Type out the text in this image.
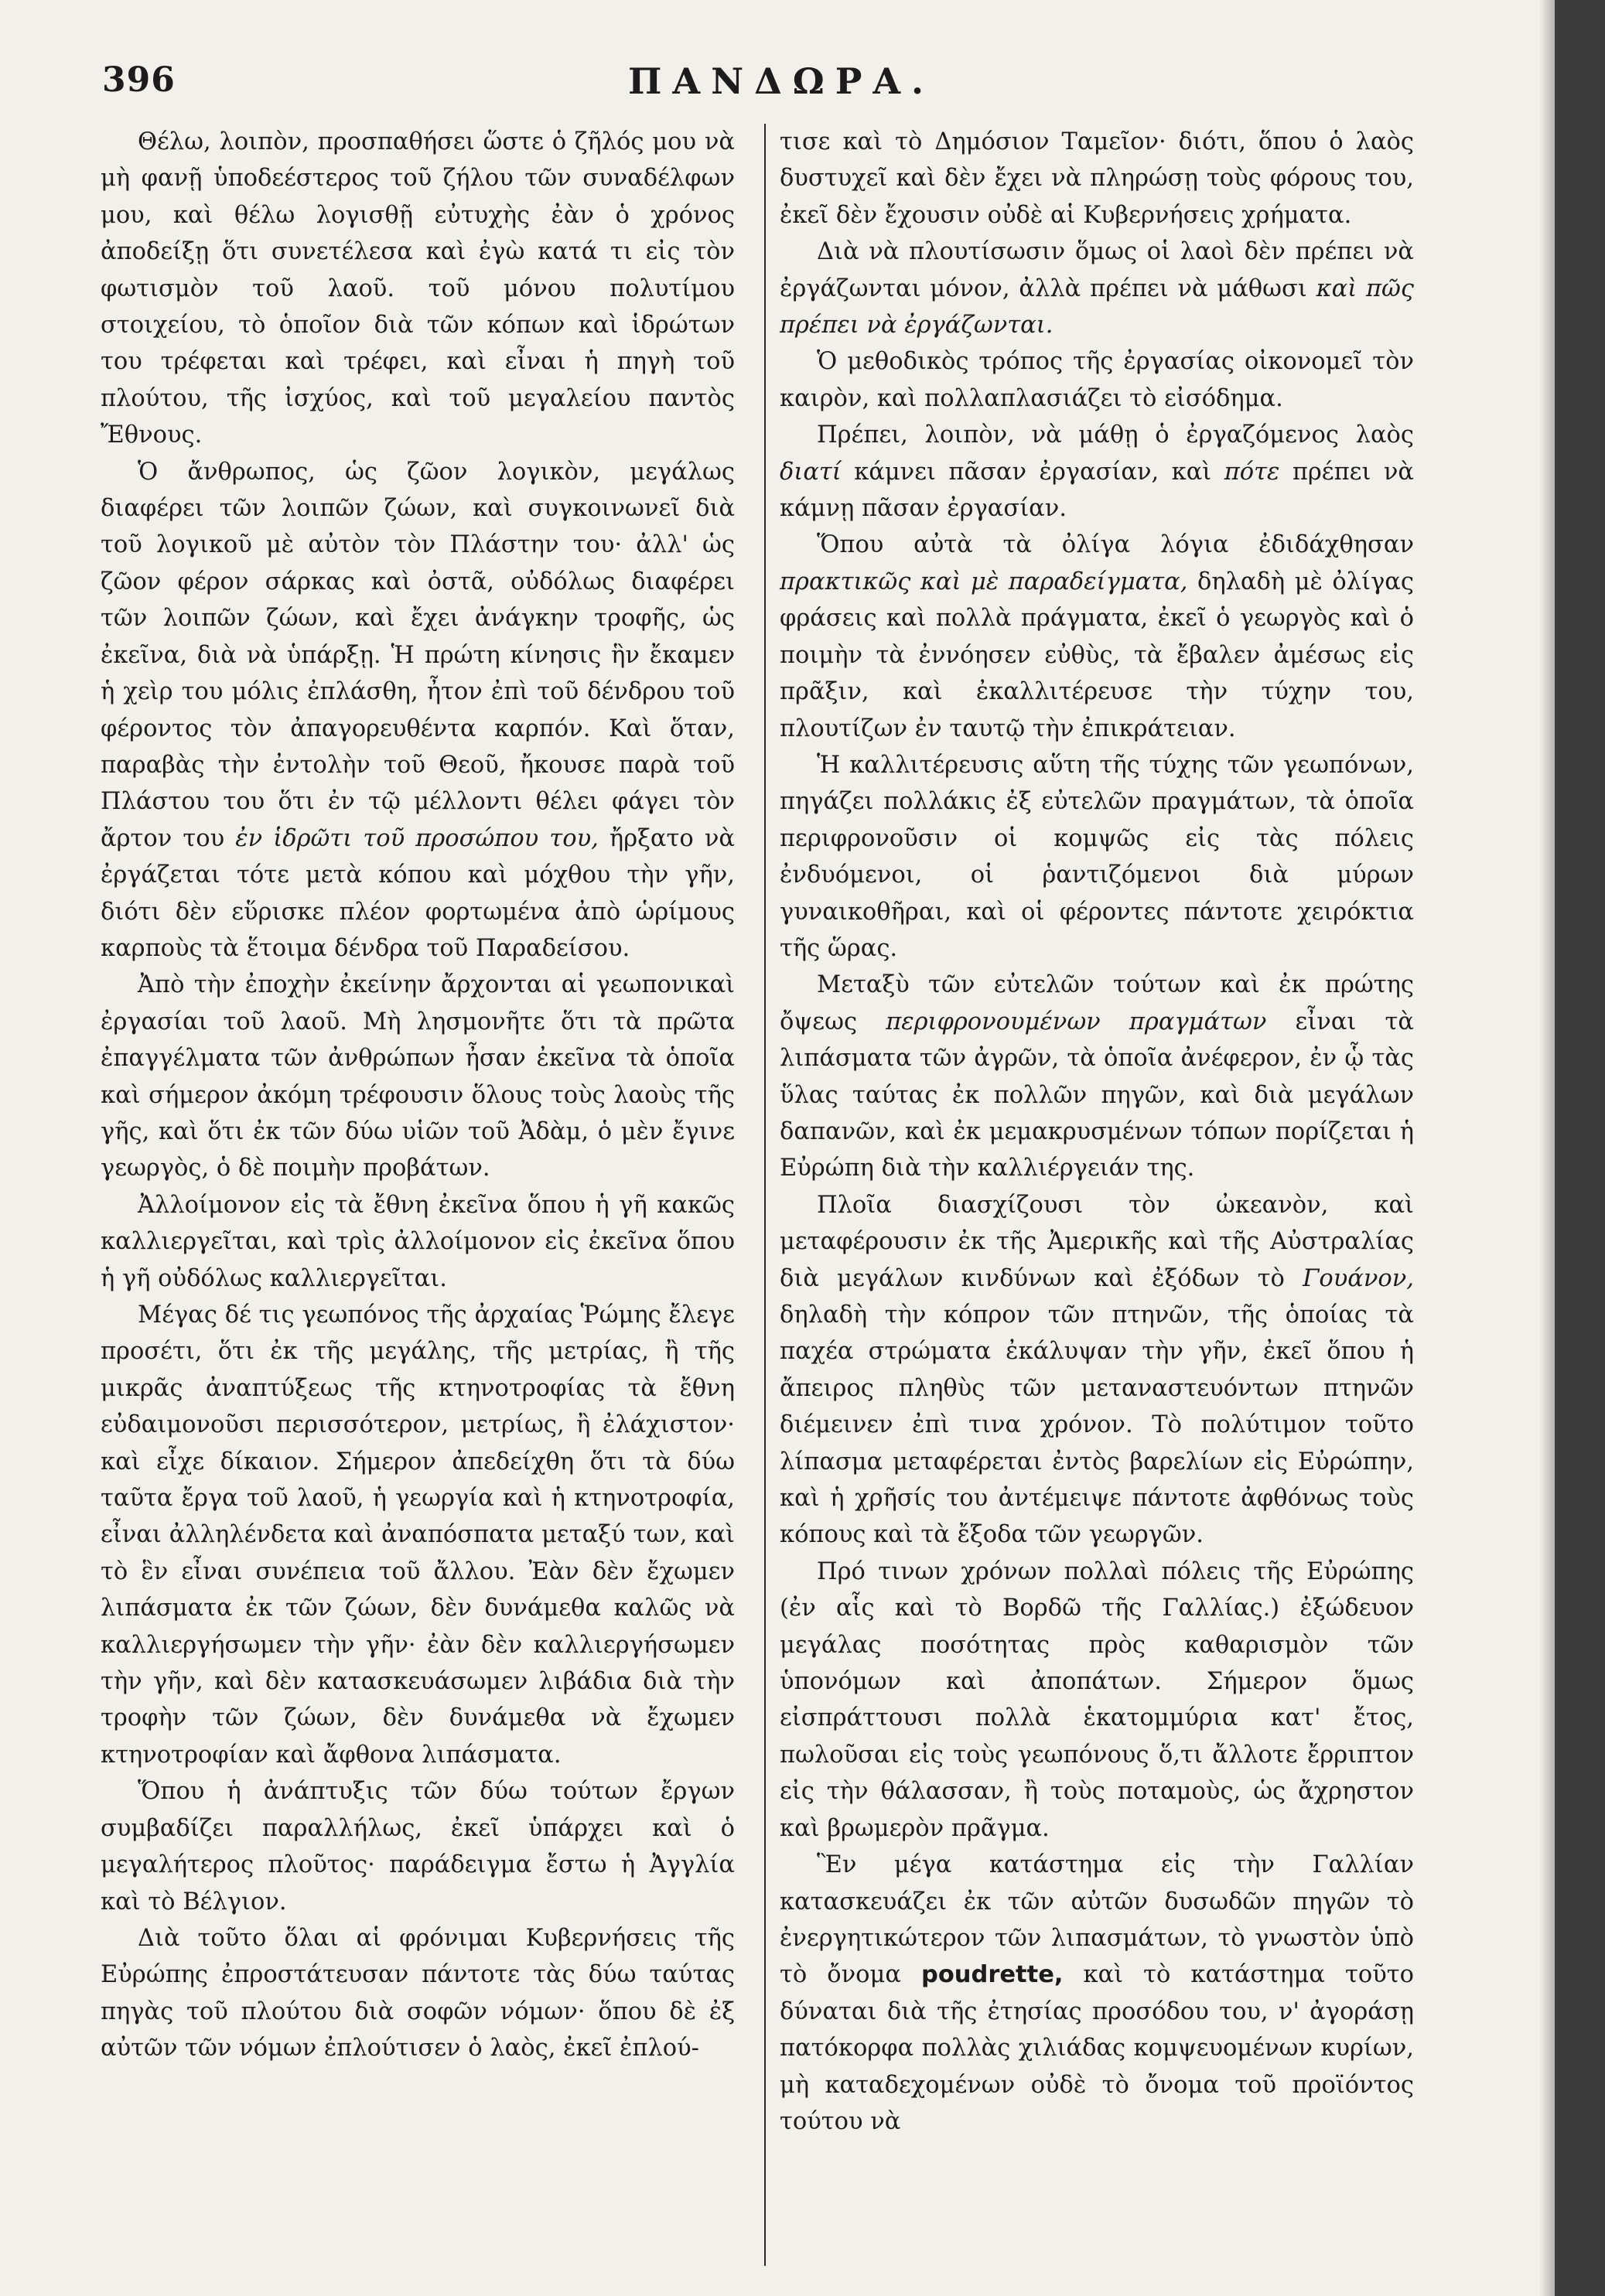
396	ΠΑΝΔΩΡΑ.

Θέλω, λοιπὸν, προσπαθήσει ὥστε ὁ ζῆλός μου νὰ μὴ φανῇ ὑποδεέστερος τοῦ ζήλου τῶν συναδέλφων μου, καὶ θέλω λογισθῇ εὐτυχὴς ἐὰν ὁ χρόνος ἀποδείξῃ ὅτι συνετέλεσα καὶ ἐγὼ κατά τι εἰς τὸν φωτισμὸν τοῦ λαοῦ. τοῦ μόνου πολυτίμου στοιχείου, τὸ ὁποῖον διὰ τῶν κόπων καὶ ἱδρώτων του τρέφεται καὶ τρέφει, καὶ εἶναι ἡ πηγὴ τοῦ πλούτου, τῆς ἰσχύος, καὶ τοῦ μεγαλείου παντὸς Ἔθνους.

Ὁ ἄνθρωπος, ὡς ζῶον λογικὸν, μεγάλως διαφέρει τῶν λοιπῶν ζώων, καὶ συγκοινωνεῖ διὰ τοῦ λογικοῦ μὲ αὐτὸν τὸν Πλάστην του· ἀλλ' ὡς ζῶον φέρον σάρκας καὶ ὀστᾶ, οὐδόλως διαφέρει τῶν λοιπῶν ζώων, καὶ ἔχει ἀνάγκην τροφῆς, ὡς ἐκεῖνα, διὰ νὰ ὑπάρξῃ. Ἡ πρώτη κίνησις ἣν ἔκαμεν ἡ χεὶρ του μόλις ἐπλάσθη, ἦτον ἐπὶ τοῦ δένδρου τοῦ φέροντος τὸν ἀπαγορευθέντα καρπόν. Καὶ ὅταν, παραβὰς τὴν ἐντολὴν τοῦ Θεοῦ, ἤκουσε παρὰ τοῦ Πλάστου του ὅτι ἐν τῷ μέλλοντι θέλει φάγει τὸν ἄρτον του ἐν ἱδρῶτι τοῦ προσώπου του, ἤρξατο νὰ ἐργάζεται τότε μετὰ κόπου καὶ μόχθου τὴν γῆν, διότι δὲν εὕρισκε πλέον φορτωμένα ἀπὸ ὡρίμους καρποὺς τὰ ἕτοιμα δένδρα τοῦ Παραδείσου.

Ἀπὸ τὴν ἐποχὴν ἐκείνην ἄρχονται αἱ γεωπονικαὶ ἐργασίαι τοῦ λαοῦ. Μὴ λησμονῆτε ὅτι τὰ πρῶτα ἐπαγγέλματα τῶν ἀνθρώπων ἦσαν ἐκεῖνα τὰ ὁποῖα καὶ σήμερον ἀκόμη τρέφουσιν ὅλους τοὺς λαοὺς τῆς γῆς, καὶ ὅτι ἐκ τῶν δύω υἱῶν τοῦ Ἀδὰμ, ὁ μὲν ἔγινε γεωργὸς, ὁ δὲ ποιμὴν προβάτων.

Ἀλλοίμονον εἰς τὰ ἔθνη ἐκεῖνα ὅπου ἡ γῆ κακῶς καλλιεργεῖται, καὶ τρὶς ἀλλοίμονον εἰς ἐκεῖνα ὅπου ἡ γῆ οὐδόλως καλλιεργεῖται.

Μέγας δέ τις γεωπόνος τῆς ἀρχαίας Ῥώμης ἔλεγε προσέτι, ὅτι ἐκ τῆς μεγάλης, τῆς μετρίας, ἢ τῆς μικρᾶς ἀναπτύξεως τῆς κτηνοτροφίας τὰ ἔθνη εὐδαιμονοῦσι περισσότερον, μετρίως, ἢ ἐλάχιστον· καὶ εἶχε δίκαιον. Σήμερον ἀπεδείχθη ὅτι τὰ δύω ταῦτα ἔργα τοῦ λαοῦ, ἡ γεωργία καὶ ἡ κτηνοτροφία, εἶναι ἀλληλένδετα καὶ ἀναπόσπατα μεταξύ των, καὶ τὸ ἓν εἶναι συνέπεια τοῦ ἄλλου. Ἐὰν δὲν ἔχωμεν λιπάσματα ἐκ τῶν ζώων, δὲν δυνάμεθα καλῶς νὰ καλλιεργήσωμεν τὴν γῆν· ἐὰν δὲν καλλιεργήσωμεν τὴν γῆν, καὶ δὲν κατασκευάσωμεν λιβάδια διὰ τὴν τροφὴν τῶν ζώων, δὲν δυνάμεθα νὰ ἔχωμεν κτηνοτροφίαν καὶ ἄφθονα λιπάσματα.

Ὅπου ἡ ἀνάπτυξις τῶν δύω τούτων ἔργων συμβαδίζει παραλλήλως, ἐκεῖ ὑπάρχει καὶ ὁ μεγαλήτερος πλοῦτος· παράδειγμα ἔστω ἡ Ἀγγλία καὶ τὸ Βέλγιον.

Διὰ τοῦτο ὅλαι αἱ φρόνιμαι Κυβερνήσεις τῆς Εὐρώπης ἐπροστάτευσαν πάντοτε τὰς δύω ταύτας πηγὰς τοῦ πλούτου διὰ σοφῶν νόμων· ὅπου δὲ ἐξ αὐτῶν τῶν νόμων ἐπλούτισεν ὁ λαὸς, ἐκεῖ ἐπλού-

τισε καὶ τὸ Δημόσιον Ταμεῖον· διότι, ὅπου ὁ λαὸς δυστυχεῖ καὶ δὲν ἔχει νὰ πληρώσῃ τοὺς φόρους του, ἐκεῖ δὲν ἔχουσιν οὐδὲ αἱ Κυβερνήσεις χρήματα.

Διὰ νὰ πλουτίσωσιν ὅμως οἱ λαοὶ δὲν πρέπει νὰ ἐργάζωνται μόνον, ἀλλὰ πρέπει νὰ μάθωσι καὶ πῶς πρέπει νὰ ἐργάζωνται.

Ὁ μεθοδικὸς τρόπος τῆς ἐργασίας οἰκονομεῖ τὸν καιρὸν, καὶ πολλαπλασιάζει τὸ εἰσόδημα.

Πρέπει, λοιπὸν, νὰ μάθῃ ὁ ἐργαζόμενος λαὸς διατί κάμνει πᾶσαν ἐργασίαν, καὶ πότε πρέπει νὰ κάμνῃ πᾶσαν ἐργασίαν.

Ὅπου αὐτὰ τὰ ὀλίγα λόγια ἐδιδάχθησαν πρακτικῶς καὶ μὲ παραδείγματα, δηλαδὴ μὲ ὀλίγας φράσεις καὶ πολλὰ πράγματα, ἐκεῖ ὁ γεωργὸς καὶ ὁ ποιμὴν τὰ ἐννόησεν εὐθὺς, τὰ ἔβαλεν ἀμέσως εἰς πρᾶξιν, καὶ ἐκαλλιτέρευσε τὴν τύχην του, πλουτίζων ἐν ταυτῷ τὴν ἐπικράτειαν.

Ἡ καλλιτέρευσις αὕτη τῆς τύχης τῶν γεωπόνων, πηγάζει πολλάκις ἐξ εὐτελῶν πραγμάτων, τὰ ὁποῖα περιφρονοῦσιν οἱ κομψῶς εἰς τὰς πόλεις ἐνδυόμενοι, οἱ ῥαντιζόμενοι διὰ μύρων γυναικοθῆραι, καὶ οἱ φέροντες πάντοτε χειρόκτια τῆς ὥρας.

Μεταξὺ τῶν εὐτελῶν τούτων καὶ ἐκ πρώτης ὄψεως περιφρονουμένων πραγμάτων εἶναι τὰ λιπάσματα τῶν ἀγρῶν, τὰ ὁποῖα ἀνέφερον, ἐν ᾧ τὰς ὕλας ταύτας ἐκ πολλῶν πηγῶν, καὶ διὰ μεγάλων δαπανῶν, καὶ ἐκ μεμακρυσμένων τόπων πορίζεται ἡ Εὐρώπη διὰ τὴν καλλιέργειάν της.

Πλοῖα διασχίζουσι τὸν ὠκεανὸν, καὶ μεταφέρουσιν ἐκ τῆς Ἀμερικῆς καὶ τῆς Αὐστραλίας διὰ μεγάλων κινδύνων καὶ ἐξόδων τὸ Γουάνον, δηλαδὴ τὴν κόπρον τῶν πτηνῶν, τῆς ὁποίας τὰ παχέα στρώματα ἐκάλυψαν τὴν γῆν, ἐκεῖ ὅπου ἡ ἄπειρος πληθὺς τῶν μεταναστευόντων πτηνῶν διέμεινεν ἐπὶ τινα χρόνον. Τὸ πολύτιμον τοῦτο λίπασμα μεταφέρεται ἐντὸς βαρελίων εἰς Εὐρώπην, καὶ ἡ χρῆσίς του ἀντέμειψε πάντοτε ἀφθόνως τοὺς κόπους καὶ τὰ ἔξοδα τῶν γεωργῶν.

Πρό τινων χρόνων πολλαὶ πόλεις τῆς Εὐρώπης (ἐν αἷς καὶ τὸ Βορδῶ τῆς Γαλλίας.) ἐξώδευον μεγάλας ποσότητας πρὸς καθαρισμὸν τῶν ὑπονόμων καὶ ἀποπάτων. Σήμερον ὅμως εἰσπράττουσι πολλὰ ἑκατομμύρια κατ' ἔτος, πωλοῦσαι εἰς τοὺς γεωπόνους ὅ,τι ἄλλοτε ἔρριπτον εἰς τὴν θάλασσαν, ἢ τοὺς ποταμοὺς, ὡς ἄχρηστον καὶ βρωμερὸν πρᾶγμα.

Ἓν μέγα κατάστημα εἰς τὴν Γαλλίαν κατασκευάζει ἐκ τῶν αὐτῶν δυσωδῶν πηγῶν τὸ ἐνεργητικώτερον τῶν λιπασμάτων, τὸ γνωστὸν ὑπὸ τὸ ὄνομα poudrette, καὶ τὸ κατάστημα τοῦτο δύναται διὰ τῆς ἐτησίας προσόδου του, ν' ἀγοράσῃ πατόκορφα πολλὰς χιλιάδας κομψευομένων κυρίων, μὴ καταδεχομένων οὐδὲ τὸ ὄνομα τοῦ προϊόντος τούτου νὰ
